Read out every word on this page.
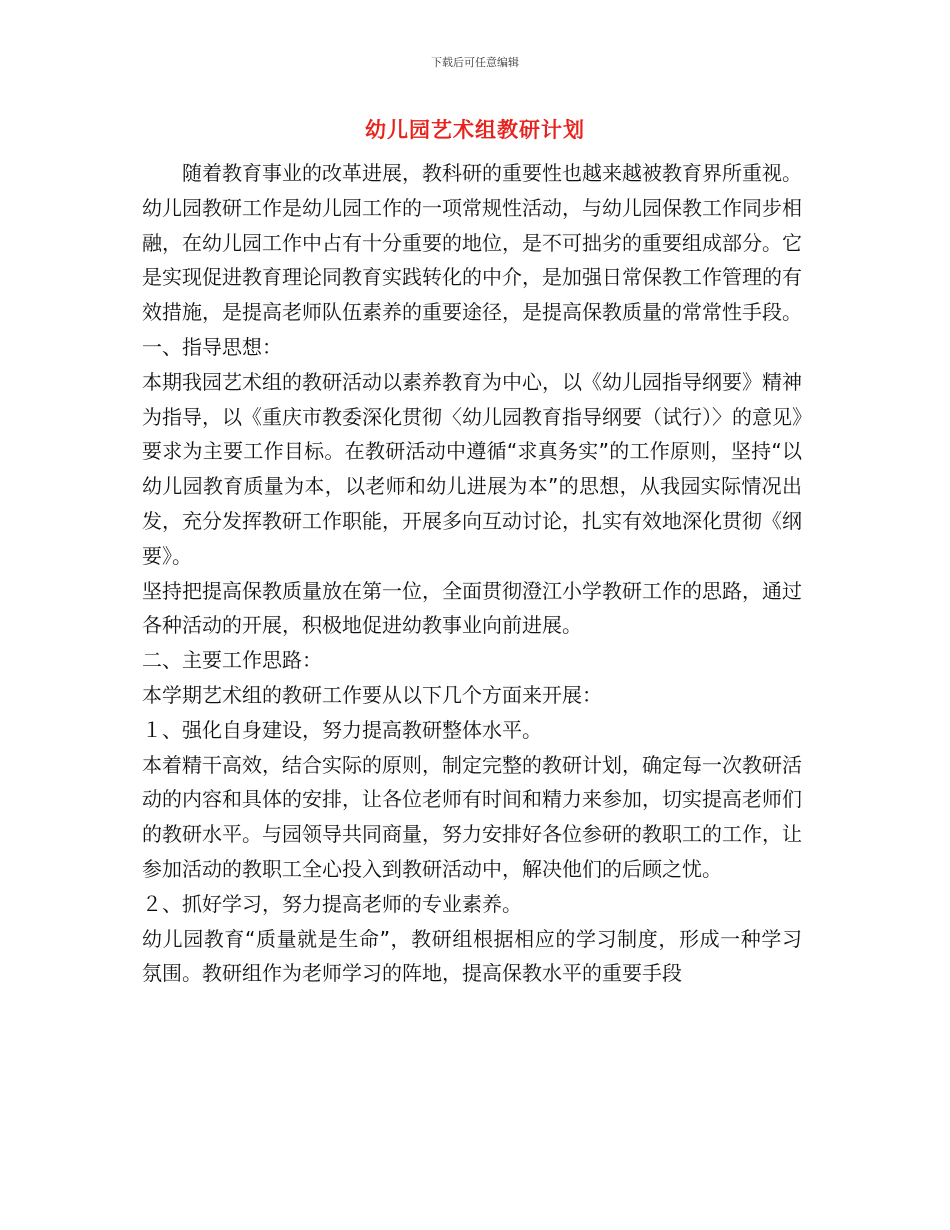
下载后可任意编辑
幼儿园艺术组教研计划

随着教育事业的改革进展，教科研的重要性也越来越被教育界所重视。幼儿园教研工作是幼儿园工作的一项常规性活动，与幼儿园保教工作同步相融，在幼儿园工作中占有十分重要的地位，是不可拙劣的重要组成部分。它是实现促进教育理论同教育实践转化的中介，是加强日常保教工作管理的有效措施，是提高老师队伍素养的重要途径，是提高保教质量的常常性手段。

一、指导思想：

本期我园艺术组的教研活动以素养教育为中心，以《幼儿园指导纲要》精神为指导，以《重庆市教委深化贯彻〈幼儿园教育指导纲要（试行）〉的意见》要求为主要工作目标。在教研活动中遵循“求真务实”的工作原则，坚持“以幼儿园教育质量为本，以老师和幼儿进展为本”的思想，从我园实际情况出发，充分发挥教研工作职能，开展多向互动讨论，扎实有效地深化贯彻《纲要》。

坚持把提高保教质量放在第一位，全面贯彻澄江小学教研工作的思路，通过各种活动的开展，积极地促进幼教事业向前进展。

二、主要工作思路：

本学期艺术组的教研工作要从以下几个方面来开展：

１、强化自身建设，努力提高教研整体水平。

本着精干高效，结合实际的原则，制定完整的教研计划，确定每一次教研活动的内容和具体的安排，让各位老师有时间和精力来参加，切实提高老师们的教研水平。与园领导共同商量，努力安排好各位参研的教职工的工作，让参加活动的教职工全心投入到教研活动中，解决他们的后顾之忧。

２、抓好学习，努力提高老师的专业素养。

幼儿园教育“质量就是生命”，教研组根据相应的学习制度，形成一种学习氛围。教研组作为老师学习的阵地，提高保教水平的重要手段
